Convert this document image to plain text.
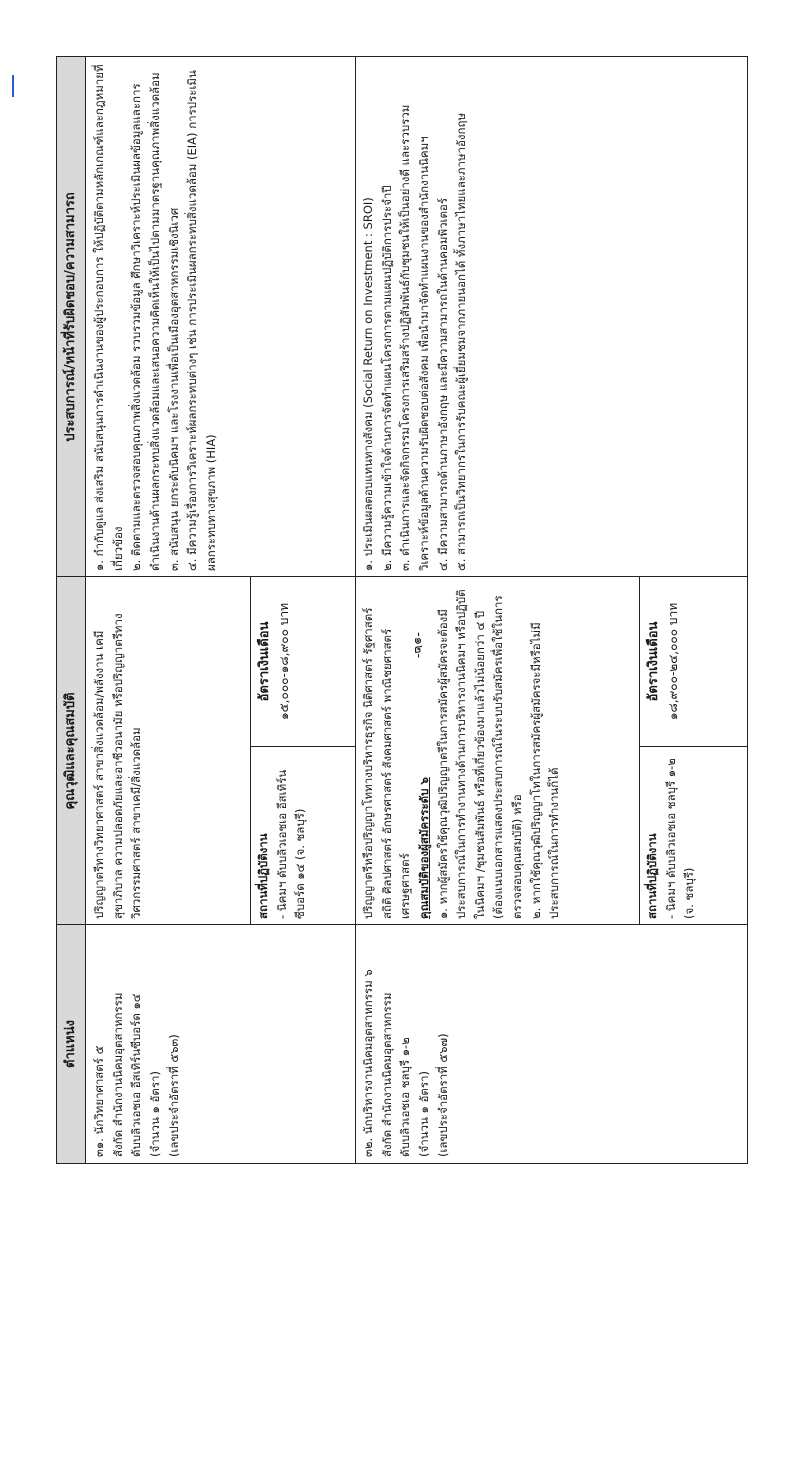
-๑๒-
ตำแหน่ง
คุณวุฒิและคุณสมบัติ
ประสบการณ์/หน้าที่รับผิดชอบ/ความสามารถ

๓๑. นักวิทยาศาสตร์ ๕ สังกัด สำนักงานนิคมอุตสาหกรรม ดับบลิวเอชเอ อีสเทิร์นซีบอร์ด ๑๔ (จำนวน ๑ อัตรา) (เลขประจำอัตราที่ ๕๖๓)

ปริญญาตรีทางวิทยาศาสตร์ สาขาสิ่งแวดล้อม/พลังงาน เคมี สุขาภิบาล ความปลอดภัยและอาชีวอนามัย หรือปริญญาตรีทางวิศวกรรมศาสตร์ สาขาเคมี/สิ่งแวดล้อม	สถานที่ปฏิบัติงาน - นิคมฯ ดับบลิวเอชเอ อีสเทิร์น ซีบอร์ด ๑๔ (จ. ชลบุรี)

อัตราเงินเดือน ๑๕,๐๐๐-๑๘,๙๐๐ บาท

๑. กำกับดูแล ส่งเสริม สนับสนุนการดำเนินงานของผู้ประกอบการ ให้ปฏิบัติตามหลักเกณฑ์และกฎหมายที่เกี่ยวข้อง ๒. ติดตามและตรวจสอบคุณภาพสิ่งแวดล้อม รวบรวมข้อมูล ศึกษาวิเคราะห์ประเมินผลข้อมูลและการดำเนินงานด้านผลกระทบสิ่งแวดล้อมและเสนอความคิดเห็นให้เป็นไปตามมาตรฐานคุณภาพสิ่งแวดล้อม ๓. สนับสนุน ยกระดับนิคมฯ และโรงงานเพื่อเป็นเมืองอุตสาหกรรมเชิงนิเวศ ๔. มีความรู้เรื่องการวิเคราะห์ผลกระทบต่างๆ เช่น การประเมินผลกระทบสิ่งแวดล้อม (EIA) การประเมินผลกระทบทางสุขภาพ (HIA)

๓๒. นักบริหารงานนิคมอุตสาหกรรม ๖ สังกัด สำนักงานนิคมอุตสาหกรรม ดับบลิวเอชเอ ชลบุรี ๑-๒ (จำนวน ๑ อัตรา) (เลขประจำอัตราที่ ๕๖๗)

ปริญญาตรีหรือปริญญาโททางบริหารธุรกิจ นิติศาสตร์ รัฐศาสตร์ สถิติ ศิลปศาสตร์ อักษรศาสตร์ สังคมศาสตร์ พาณิชยศาสตร์ เศรษฐศาสตร์ คุณสมบัติของผู้สมัครระดับ ๖ ๑. หากผู้สมัครใช้คุณวุฒิปริญญาตรีในการสมัครผู้สมัครจะต้องมีประสบการณ์ในการทำงานทางด้านการบริหารงานนิคมฯ หรือปฏิบัติในนิคมฯ /ชุมชนสัมพันธ์ หรือที่เกี่ยวข้องมาแล้วไม่น้อยกว่า ๔ ปี (ต้องแนบเอกสารแสดงประสบการณ์ในระบบรับสมัครเพื่อใช้ในการตรวจสอบคุณสมบัติ) หรือ ๒. หากใช้คุณวุฒิปริญญาโทในการสมัครผู้สมัครจะมีหรือไม่มีประสบการณ์ในการทำงานก็ได้	สถานที่ปฏิบัติงาน - นิคมฯ ดับบลิวเอชเอ ชลบุรี ๑-๒ (จ. ชลบุรี)

อัตราเงินเดือน ๑๘,๙๐๐-๒๔,๐๐๐ บาท

๑. ประเมินผลตอบแทนทางสังคม (Social Return on Investment : SROI) ๒. มีความรู้ความเข้าใจด้านการจัดทำแผนโครงการตามแผนปฏิบัติการประจำปี ๓. ดำเนินการและจัดกิจกรรมโครงการเสริมสร้างปฏิสัมพันธ์กับชุมชนให้เป็นอย่างดี และรวบรวมวิเคราะห์ข้อมูลด้านความรับผิดชอบต่อสังคม เพื่อนำมาจัดทำแผนงานของสำนักงานนิคมฯ ๔. มีความสามารถด้านภาษาอังกฤษ และมีความสามารถในด้านคอมพิวเตอร์ ๕. สามารถเป็นวิทยากรในการรับคณะผู้เยี่ยมชมจากภายนอกได้ ทั้งภาษาไทยและภาษาอังกฤษ
